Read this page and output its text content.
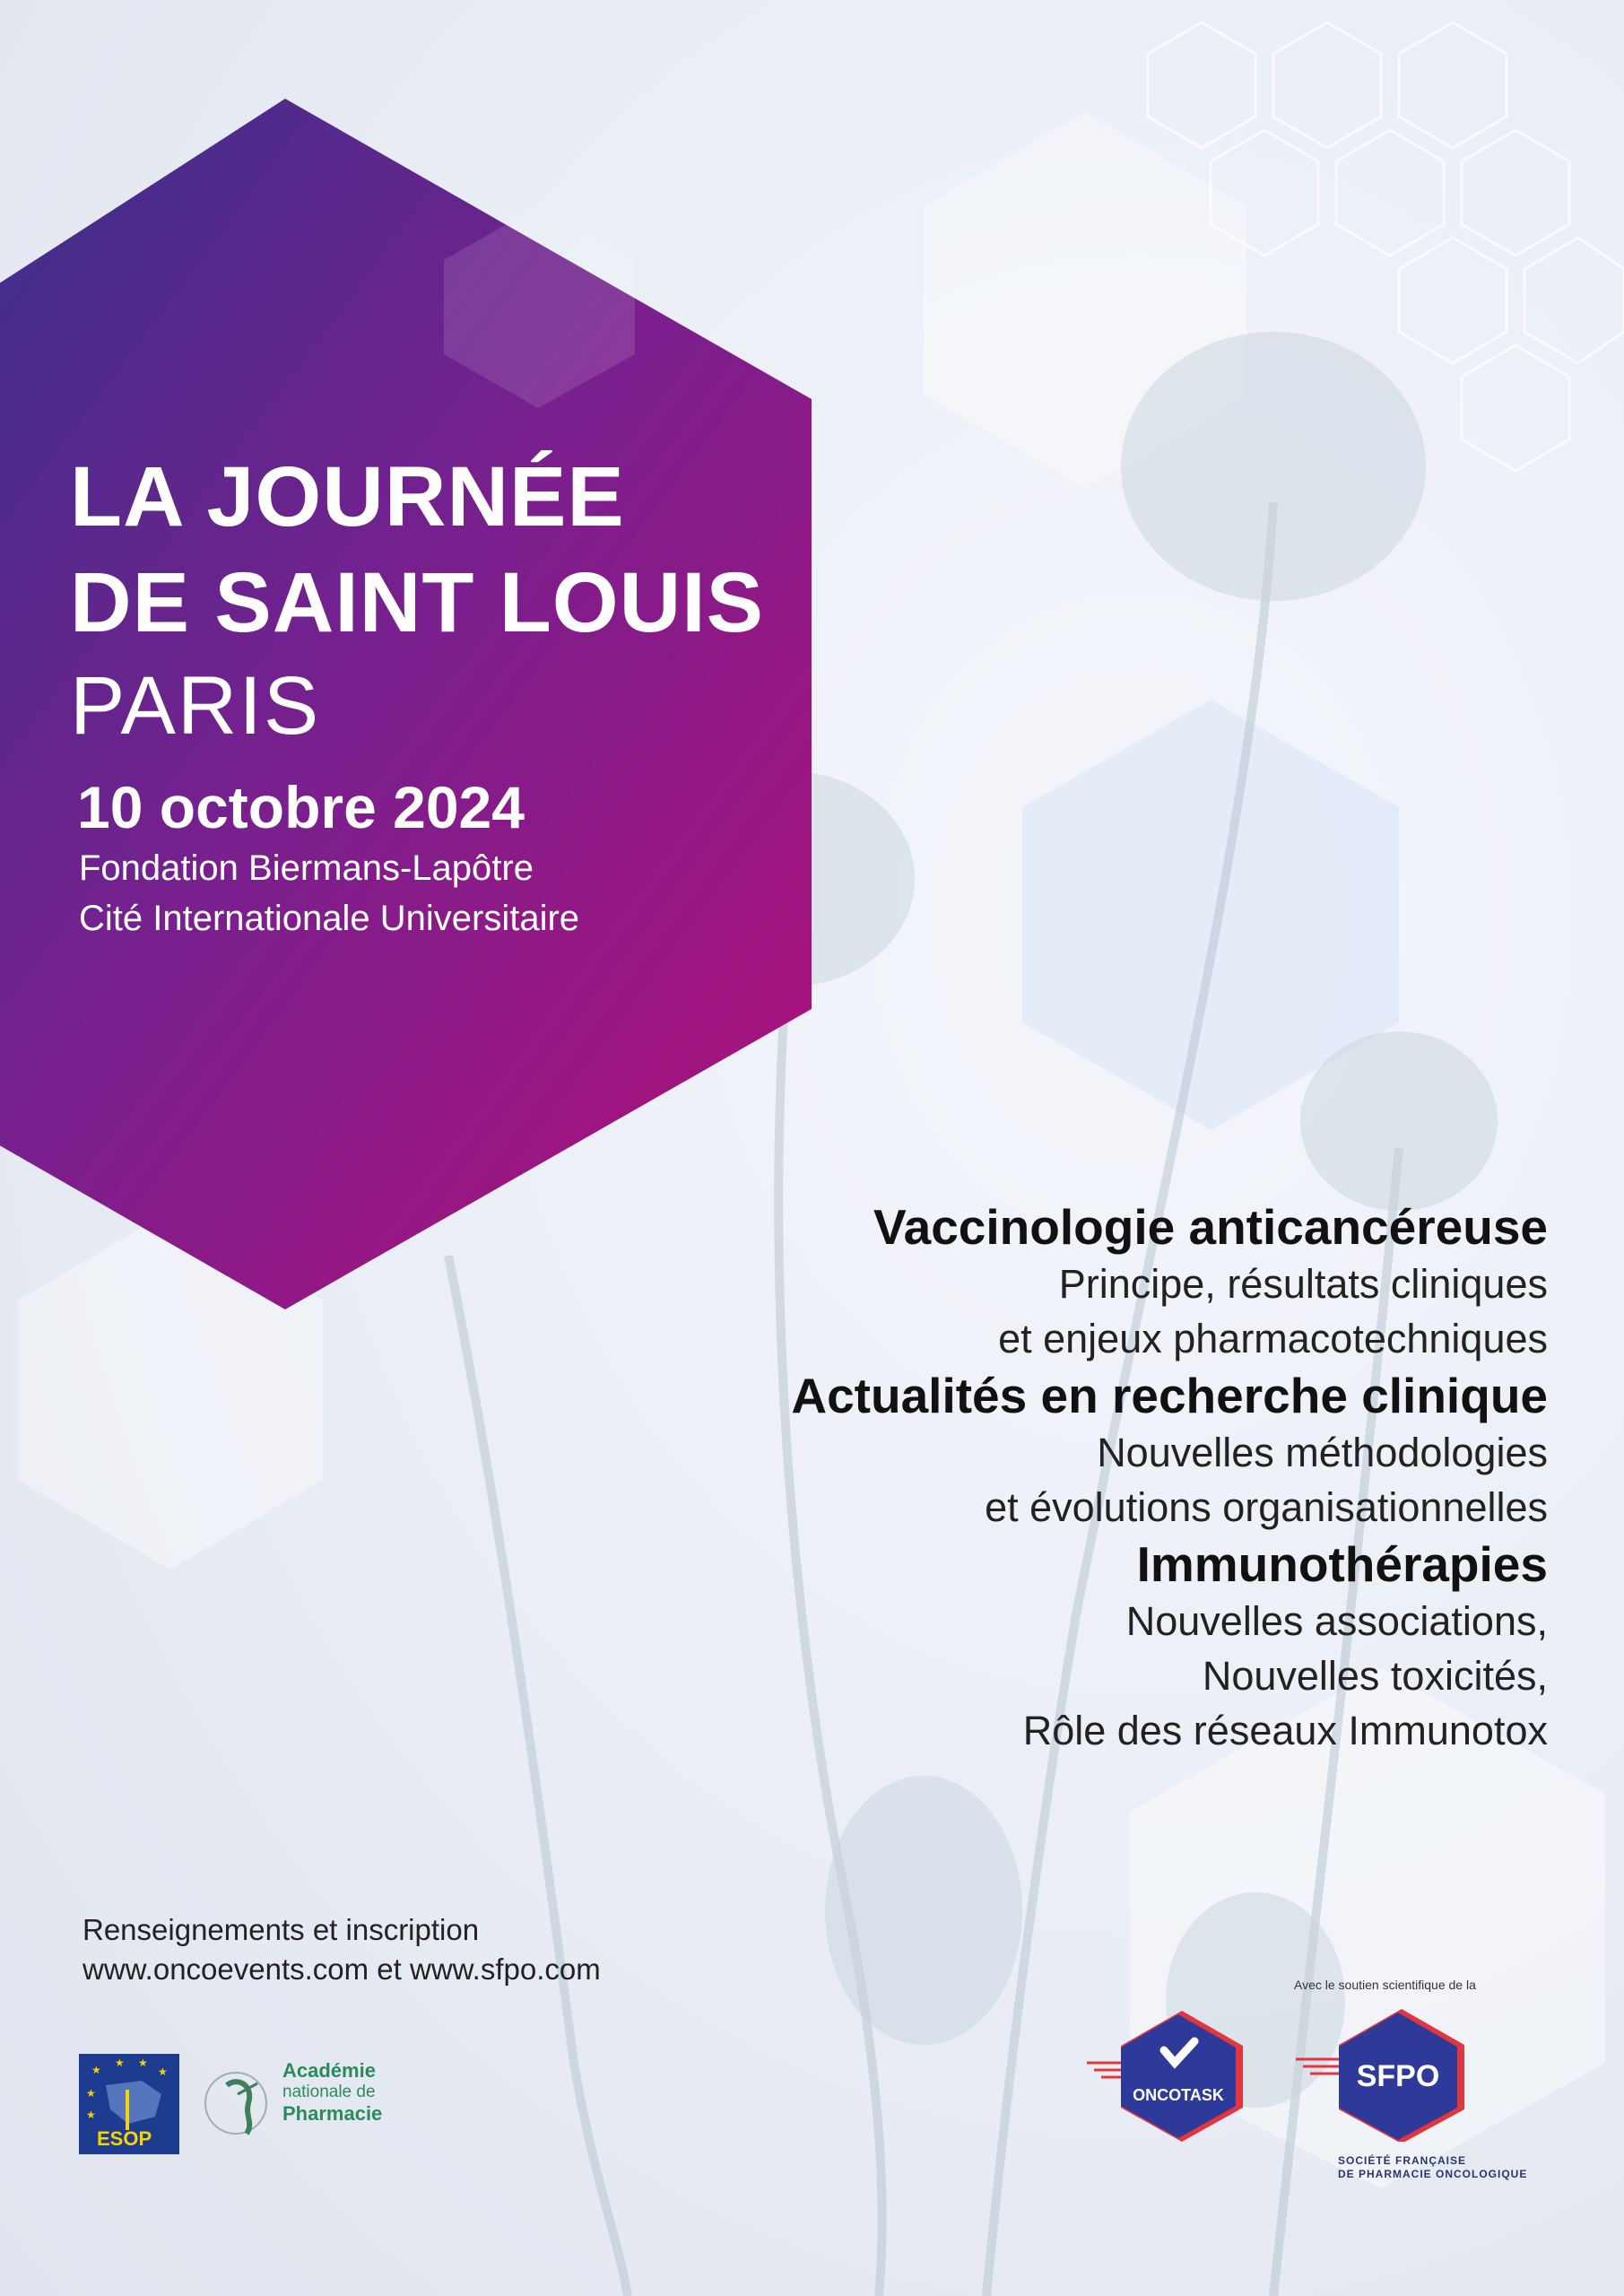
LA JOURNÉE
DE SAINT LOUIS
PARIS
10 octobre 2024
Fondation Biermans-Lapôtre
Cité Internationale Universitaire

Vaccinologie anticancéreuse

Principe, résultats cliniques

et enjeux pharmacotechniques

Actualités en recherche clinique

Nouvelles méthodologies

et évolutions organisationnelles

Immunothérapies

Nouvelles associations,

Nouvelles toxicités,

Rôle des réseaux Immunotox

Renseignements et inscription
www.oncoevents.com et www.sfpo.com
★
★ ★
★
★
★
ESOP
Académie
nationale de
Pharmacie
Avec le soutien scientifique de la
ONCOTASK
SFPO
SOCIÉTÉ FRANÇAISE
DE PHARMACIE ONCOLOGIQUE
